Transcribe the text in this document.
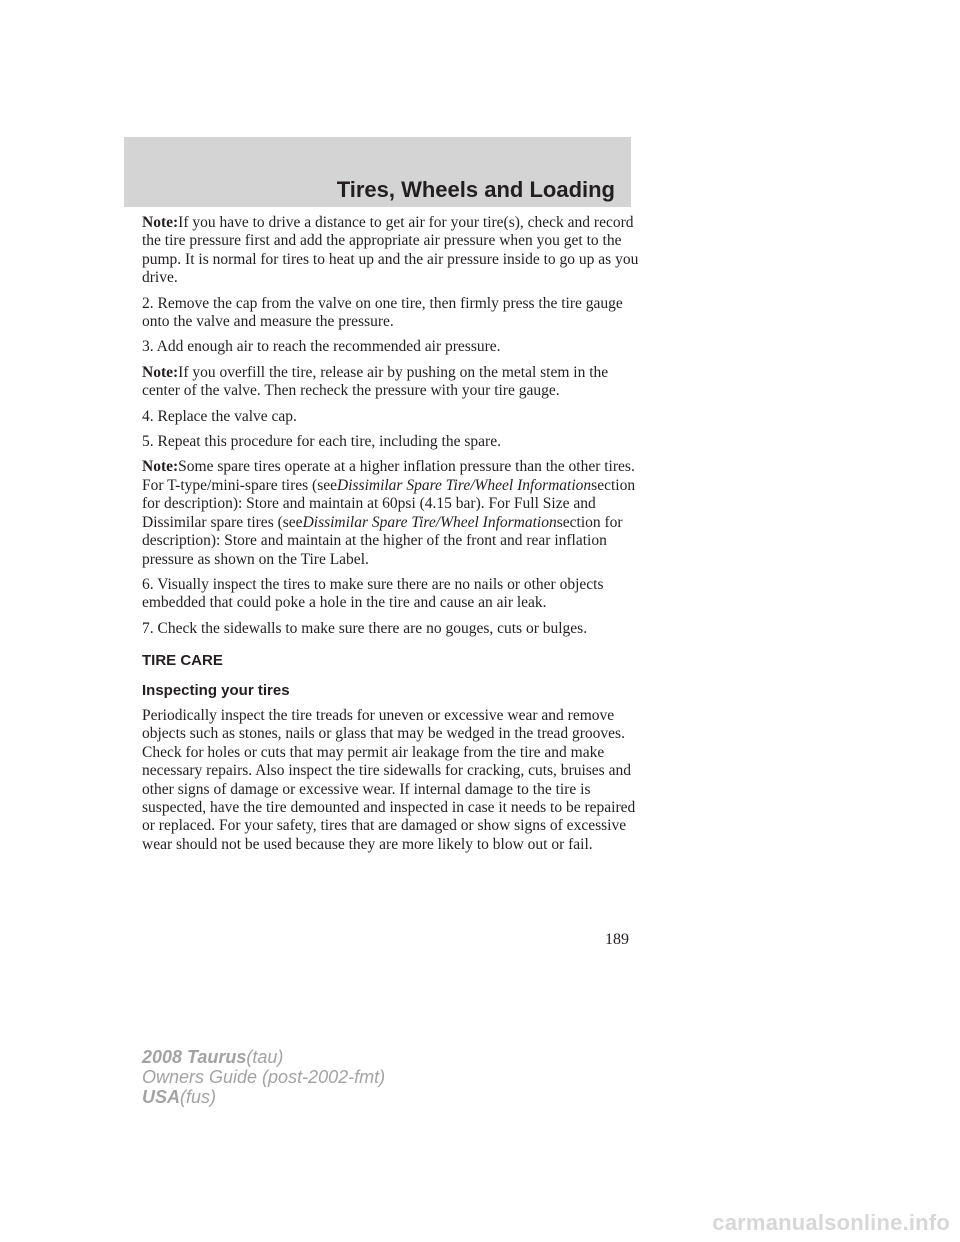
Tires, Wheels and Loading

Note:If you have to drive a distance to get air for your tire(s), check and record the tire pressure first and add the appropriate air pressure when you get to the pump. It is normal for tires to heat up and the air pressure inside to go up as you drive.

2. Remove the cap from the valve on one tire, then firmly press the tire gauge onto the valve and measure the pressure.

3. Add enough air to reach the recommended air pressure.

Note:If you overfill the tire, release air by pushing on the metal stem in the center of the valve. Then recheck the pressure with your tire gauge.

4. Replace the valve cap.

5. Repeat this procedure for each tire, including the spare.

Note:Some spare tires operate at a higher inflation pressure than the other tires. For T-type/mini-spare tires (seeDissimilar Spare Tire/Wheel Informationsection for description): Store and maintain at 60psi (4.15 bar). For Full Size and Dissimilar spare tires (seeDissimilar Spare Tire/Wheel Informationsection for description): Store and maintain at the higher of the front and rear inflation pressure as shown on the Tire Label.

6. Visually inspect the tires to make sure there are no nails or other objects embedded that could poke a hole in the tire and cause an air leak.

7. Check the sidewalls to make sure there are no gouges, cuts or bulges.

TIRE CARE

Inspecting your tires

Periodically inspect the tire treads for uneven or excessive wear and remove objects such as stones, nails or glass that may be wedged in the tread grooves. Check for holes or cuts that may permit air leakage from the tire and make necessary repairs. Also inspect the tire sidewalls for cracking, cuts, bruises and other signs of damage or excessive wear. If internal damage to the tire is suspected, have the tire demounted and inspected in case it needs to be repaired or replaced. For your safety, tires that are damaged or show signs of excessive wear should not be used because they are more likely to blow out or fail.

189
2008 Taurus(tau)
Owners Guide (post-2002-fmt)
USA(fus)
carmanualsonline.info
